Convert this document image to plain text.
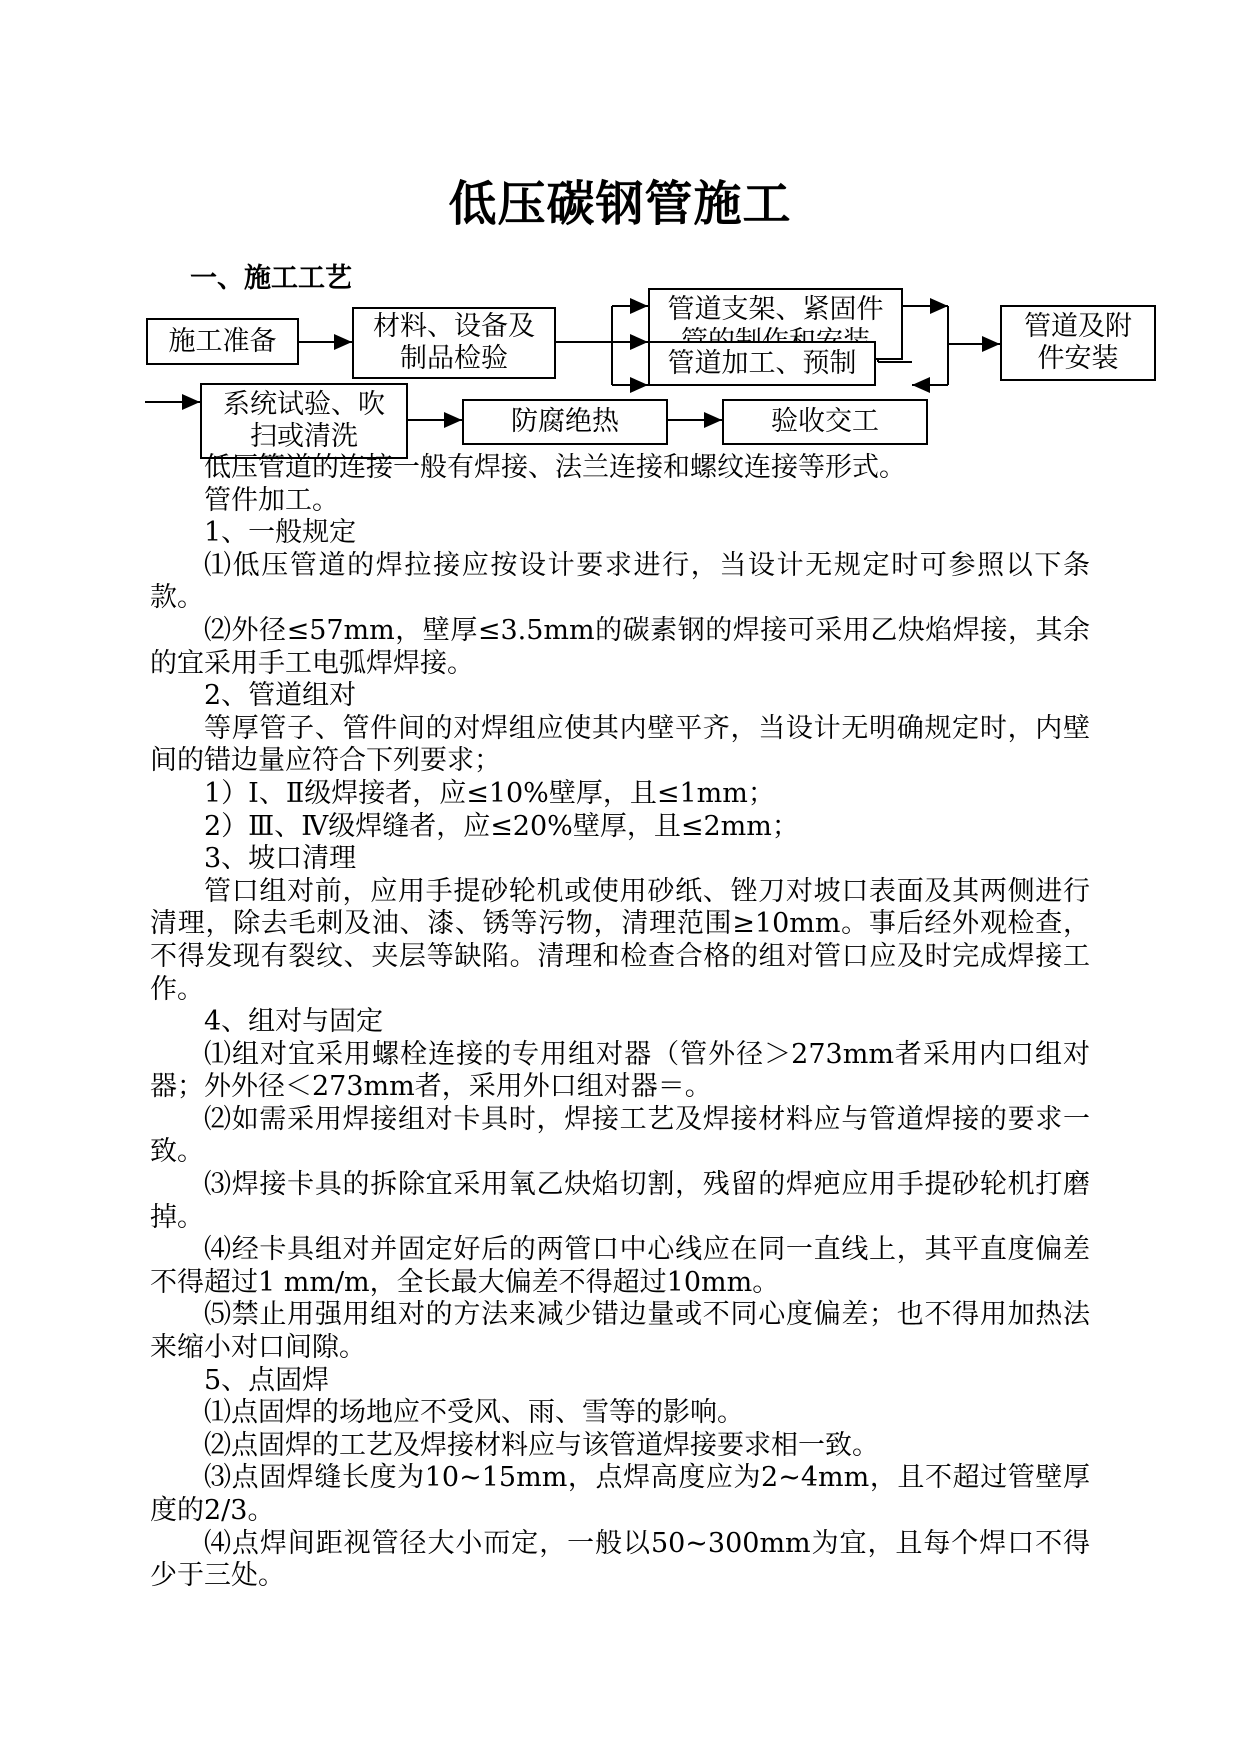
低压碳钢管施工
一、施工工艺
施工准备	材料、设备及制品检验
管道支架、紧固件
管道加工、预制
管道及附件安装
系统试验、吹扫或清洗	防腐绝热	验收交工

低压管道的连接一般有焊接、法兰连接和螺纹连接等形式。

管件加工。

1、一般规定

⑴低压管道的焊拉接应按设计要求进行，当设计无规定时可参照以下条款。

⑵外径≤57mm，壁厚≤3.5mm的碳素钢的焊接可采用乙炔焰焊接，其余的宜采用手工电弧焊焊接。

2、管道组对

等厚管子、管件间的对焊组应使其内壁平齐，当设计无明确规定时，内壁间的错边量应符合下列要求；

1）Ⅰ、Ⅱ级焊接者，应≤10%壁厚，且≤1mm；

2）Ⅲ、Ⅳ级焊缝者，应≤20%壁厚，且≤2mm；

3、坡口清理

管口组对前，应用手提砂轮机或使用砂纸、锉刀对坡口表面及其两侧进行清理，除去毛刺及油、漆、锈等污物，清理范围≥10mm。事后经外观检查，不得发现有裂纹、夹层等缺陷。清理和检查合格的组对管口应及时完成焊接工作。

4、组对与固定

⑴组对宜采用螺栓连接的专用组对器（管外径＞273mm者采用内口组对器；外外径＜273mm者，采用外口组对器＝。

⑵如需采用焊接组对卡具时，焊接工艺及焊接材料应与管道焊接的要求一致。

⑶焊接卡具的拆除宜采用氧乙炔焰切割，残留的焊疤应用手提砂轮机打磨掉。

⑷经卡具组对并固定好后的两管口中心线应在同一直线上，其平直度偏差不得超过1 mm/m，全长最大偏差不得超过10mm。

⑸禁止用强用组对的方法来减少错边量或不同心度偏差；也不得用加热法来缩小对口间隙。

5、点固焊

⑴点固焊的场地应不受风、雨、雪等的影响。

⑵点固焊的工艺及焊接材料应与该管道焊接要求相一致。

⑶点固焊缝长度为10~15mm，点焊高度应为2~4mm，且不超过管壁厚度的2/3。

⑷点焊间距视管径大小而定，一般以50~300mm为宜，且每个焊口不得少于三处。
